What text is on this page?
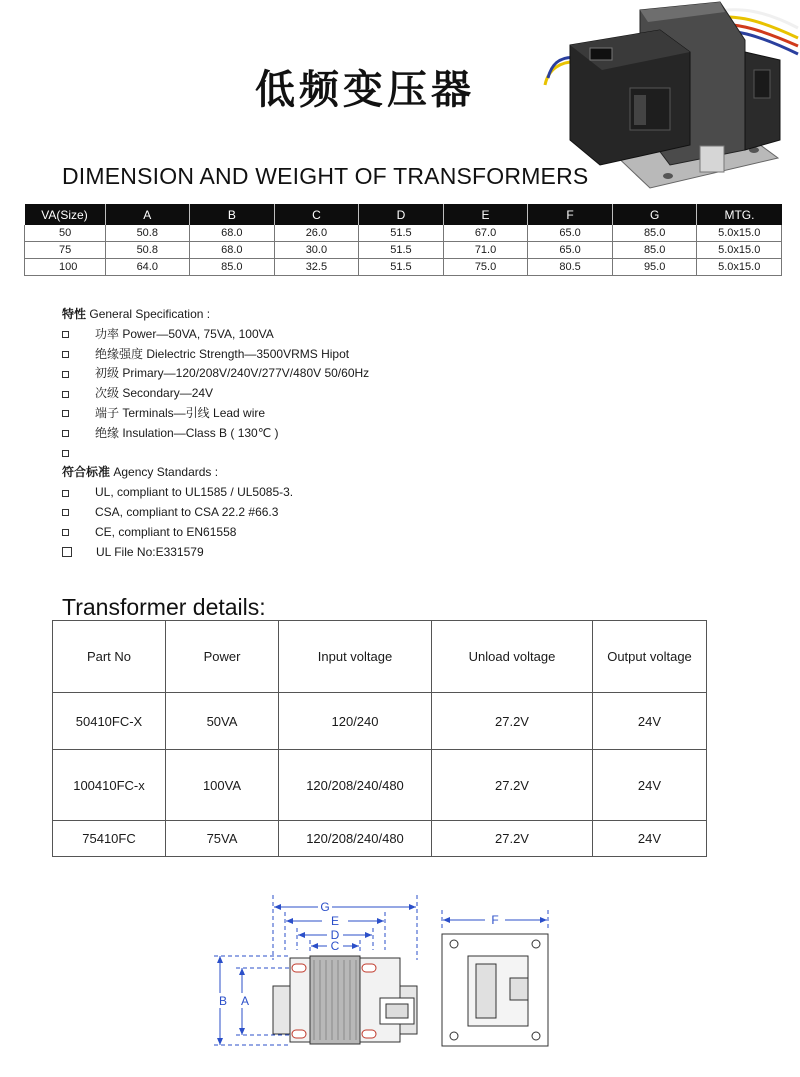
低频变压器
DIMENSION AND WEIGHT OF TRANSFORMERS
VA(Size)	A	B	C	D	E	F	G	MTG.
50	50.8	68.0	26.0	51.5	67.0	65.0	85.0	5.0x15.0
75	50.8	68.0	30.0	51.5	71.0	65.0	85.0	5.0x15.0
100	64.0	85.0	32.5	51.5	75.0	80.5	95.0	5.0x15.0
特性
General Specification :
功率 Power—50VA, 75VA, 100VA
绝缘强度 Dielectric Strength—3500VRMS Hipot
初级 Primary—120/208V/240V/277V/480V 50/60Hz
次级 Secondary—24V
端子 Terminals—引线 Lead wire
绝缘 Insulation—Class B ( 130℃ )
符合标准
Agency Standards :
UL, compliant to UL1585 / UL5085-3.
CSA, compliant to CSA 22.2 #66.3
CE, compliant to EN61558
UL File No:E331579
Transformer details:
Part No	Power	Input voltage	Unload voltage	Output voltage
50410FC-X	50VA	120/240	27.2V	24V
100410FC-x	100VA	120/208/240/480	27.2V	24V
75410FC	75VA	120/208/240/480	27.2V	24V
G
E
D
C
B A
F
